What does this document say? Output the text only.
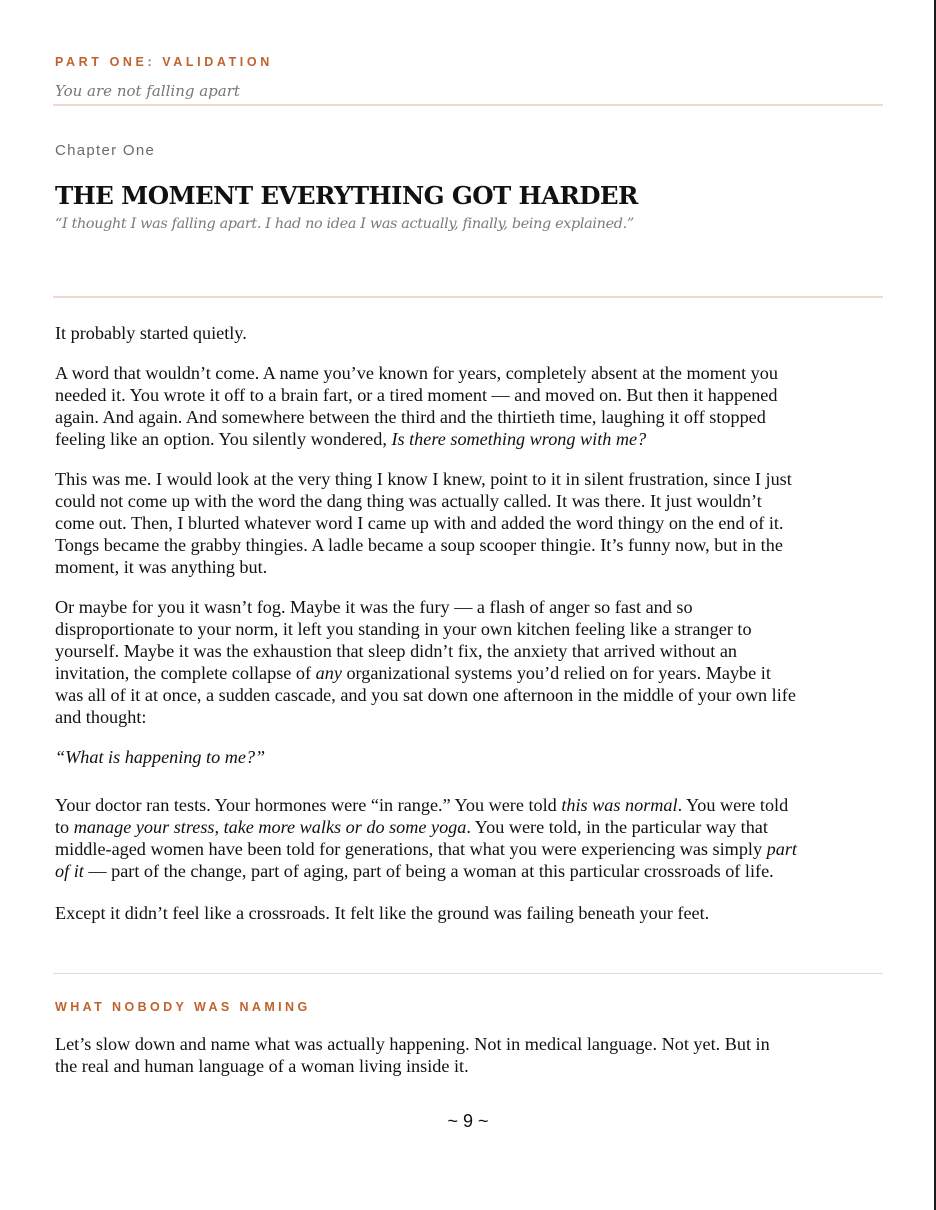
PART ONE: VALIDATION
You are not falling apart
Chapter One
THE MOMENT EVERYTHING GOT HARDER
“I thought I was falling apart. I had no idea I was actually, finally, being explained.”

It probably started quietly.

A word that wouldn’t come. A name you’ve known for years, completely absent at the moment you
needed it. You wrote it off to a brain fart, or a tired moment — and moved on. But then it happened
again. And again. And somewhere between the third and the thirtieth time, laughing it off stopped
feeling like an option. You silently wondered, Is there something wrong with me?

This was me. I would look at the very thing I know I knew, point to it in silent frustration, since I just
could not come up with the word the dang thing was actually called. It was there. It just wouldn’t
come out. Then, I blurted whatever word I came up with and added the word thingy on the end of it.
Tongs became the grabby thingies. A ladle became a soup scooper thingie. It’s funny now, but in the
moment, it was anything but.

Or maybe for you it wasn’t fog. Maybe it was the fury — a flash of anger so fast and so
disproportionate to your norm, it left you standing in your own kitchen feeling like a stranger to
yourself. Maybe it was the exhaustion that sleep didn’t fix, the anxiety that arrived without an
invitation, the complete collapse of any organizational systems you’d relied on for years. Maybe it
was all of it at once, a sudden cascade, and you sat down one afternoon in the middle of your own life
and thought:

“What is happening to me?”

Your doctor ran tests. Your hormones were “in range.” You were told this was normal. You were told
to manage your stress, take more walks or do some yoga. You were told, in the particular way that
middle-aged women have been told for generations, that what you were experiencing was simply part
of it — part of the change, part of aging, part of being a woman at this particular crossroads of life.

Except it didn’t feel like a crossroads. It felt like the ground was failing beneath your feet.

WHAT NOBODY WAS NAMING

Let’s slow down and name what was actually happening. Not in medical language. Not yet. But in
the real and human language of a woman living inside it.

~ 9 ~
